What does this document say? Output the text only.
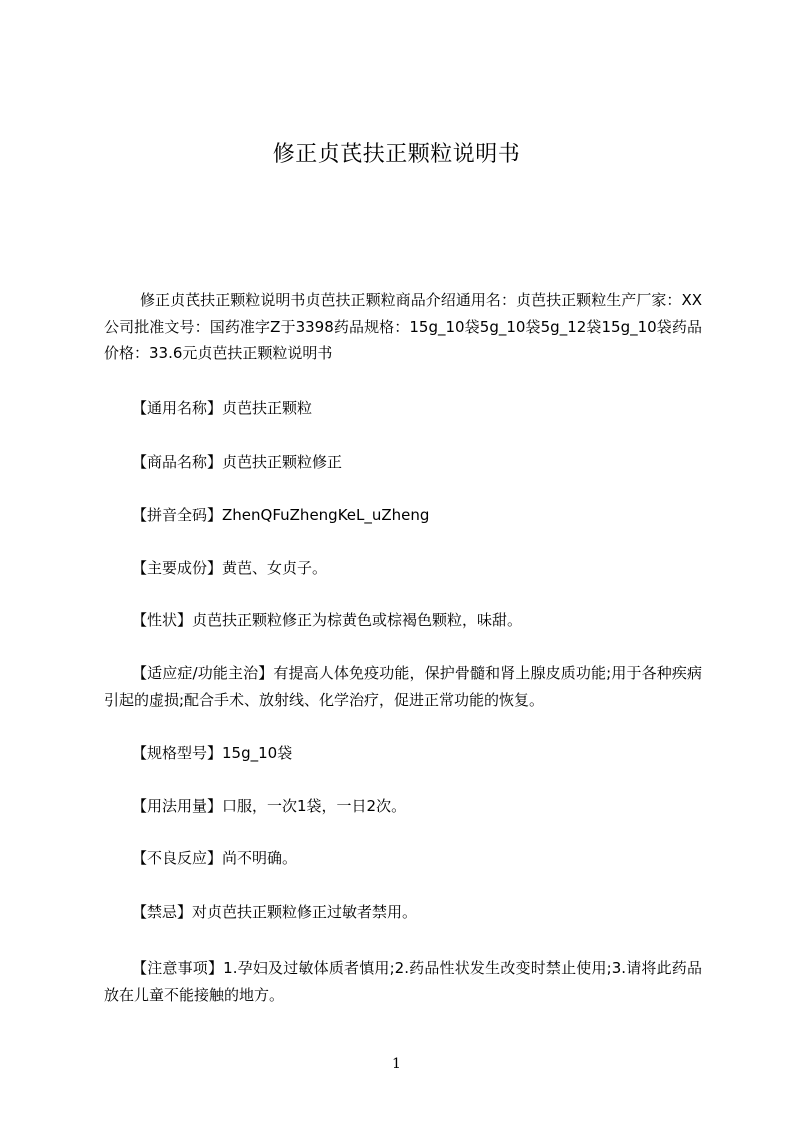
修正贞芪扶正颗粒说明书

修正贞芪扶正颗粒说明书贞芭扶正颗粒商品介绍通用名：贞芭扶正颗粒生产厂家：XX公司批准文号：国药准字Z于3398药品规格：15g_10袋5g_10袋5g_12袋15g_10袋药品价格：33.6元贞芭扶正颗粒说明书

【通用名称】贞芭扶正颗粒

【商品名称】贞芭扶正颗粒修正

【拼音全码】ZhenQFuZhengKeL_uZheng

【主要成份】黄芭、女贞子。

【性状】贞芭扶正颗粒修正为棕黄色或棕褐色颗粒，味甜。

【适应症/功能主治】有提高人体免疫功能，保护骨髓和肾上腺皮质功能;用于各种疾病引起的虚损;配合手术、放射线、化学治疗，促进正常功能的恢复。

【规格型号】15g_10袋

【用法用量】口服，一次1袋，一日2次。

【不良反应】尚不明确。

【禁忌】对贞芭扶正颗粒修正过敏者禁用。

【注意事项】1.孕妇及过敏体质者慎用;2.药品性状发生改变时禁止使用;3.请将此药品放在儿童不能接触的地方。

1
